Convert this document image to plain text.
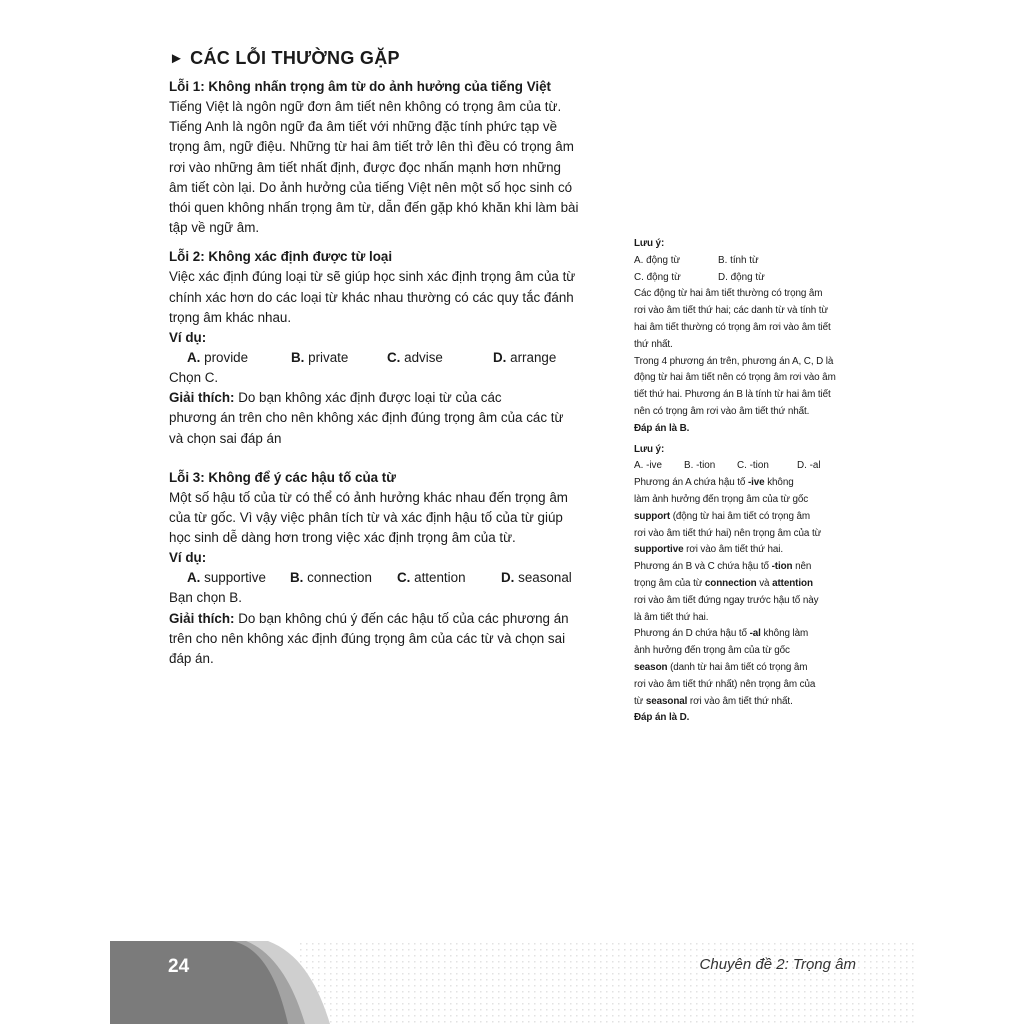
► CÁC LỖI THƯỜNG GẶP
Lỗi 1: Không nhấn trọng âm từ do ảnh hưởng của tiếng Việt

Tiếng Việt là ngôn ngữ đơn âm tiết nên không có trọng âm của từ.

Tiếng Anh là ngôn ngữ đa âm tiết với những đặc tính phức tạp về

trọng âm, ngữ điệu. Những từ hai âm tiết trở lên thì đều có trọng âm

rơi vào những âm tiết nhất định, được đọc nhấn mạnh hơn những

âm tiết còn lại. Do ảnh hưởng của tiếng Việt nên một số học sinh có

thói quen không nhấn trọng âm từ, dẫn đến gặp khó khăn khi làm bài

tập về ngữ âm.

Lỗi 2: Không xác định được từ loại

Việc xác định đúng loại từ sẽ giúp học sinh xác định trọng âm của từ

chính xác hơn do các loại từ khác nhau thường có các quy tắc đánh

trọng âm khác nhau.

Ví dụ:
A. provide	B. private	C. advise	D. arrange

Chọn C.

Giải thích: Do bạn không xác định được loại từ của các

phương án trên cho nên không xác định đúng trọng âm của các từ

và chọn sai đáp án

Lỗi 3: Không để ý các hậu tố của từ

Một số hậu tố của từ có thể có ảnh hưởng khác nhau đến trọng âm

của từ gốc. Vì vậy việc phân tích từ và xác định hậu tố của từ giúp

học sinh dễ dàng hơn trong việc xác định trọng âm của từ.

Ví dụ:
A. supportive	B. connection	C. attention	D. seasonal

Bạn chọn B.

Giải thích: Do bạn không chú ý đến các hậu tố của các phương án

trên cho nên không xác định đúng trọng âm của các từ và chọn sai

đáp án.

Lưu ý:

A. động từ	B. tính từ
C. động từ	D. động từ

Các động từ hai âm tiết thường có trọng âm

rơi vào âm tiết thứ hai; các danh từ và tính từ

hai âm tiết thường có trọng âm rơi vào âm tiết

thứ nhất.

Trong 4 phương án trên, phương án A, C, D là

động từ hai âm tiết nên có trọng âm rơi vào âm

tiết thứ hai. Phương án B là tính từ hai âm tiết

nên có trọng âm rơi vào âm tiết thứ nhất.

Đáp án là B.

Lưu ý:

A. -ive	B. -tion	C. -tion	D. -al

Phương án A chứa hậu tố -ive không

làm ảnh hưởng đến trọng âm của từ gốc

support (động từ hai âm tiết có trọng âm

rơi vào âm tiết thứ hai) nên trọng âm của từ

supportive rơi vào âm tiết thứ hai.

Phương án B và C chứa hậu tố -tion nên

trọng âm của từ connection và attention

rơi vào âm tiết đứng ngay trước hậu tố này

là âm tiết thứ hai.

Phương án D chứa hậu tố -al không làm

ảnh hưởng đến trọng âm của từ gốc

season (danh từ hai âm tiết có trọng âm

rơi vào âm tiết thứ nhất) nên trọng âm của

từ seasonal rơi vào âm tiết thứ nhất.

Đáp án là D.

24	Chuyên đề 2: Trọng âm
